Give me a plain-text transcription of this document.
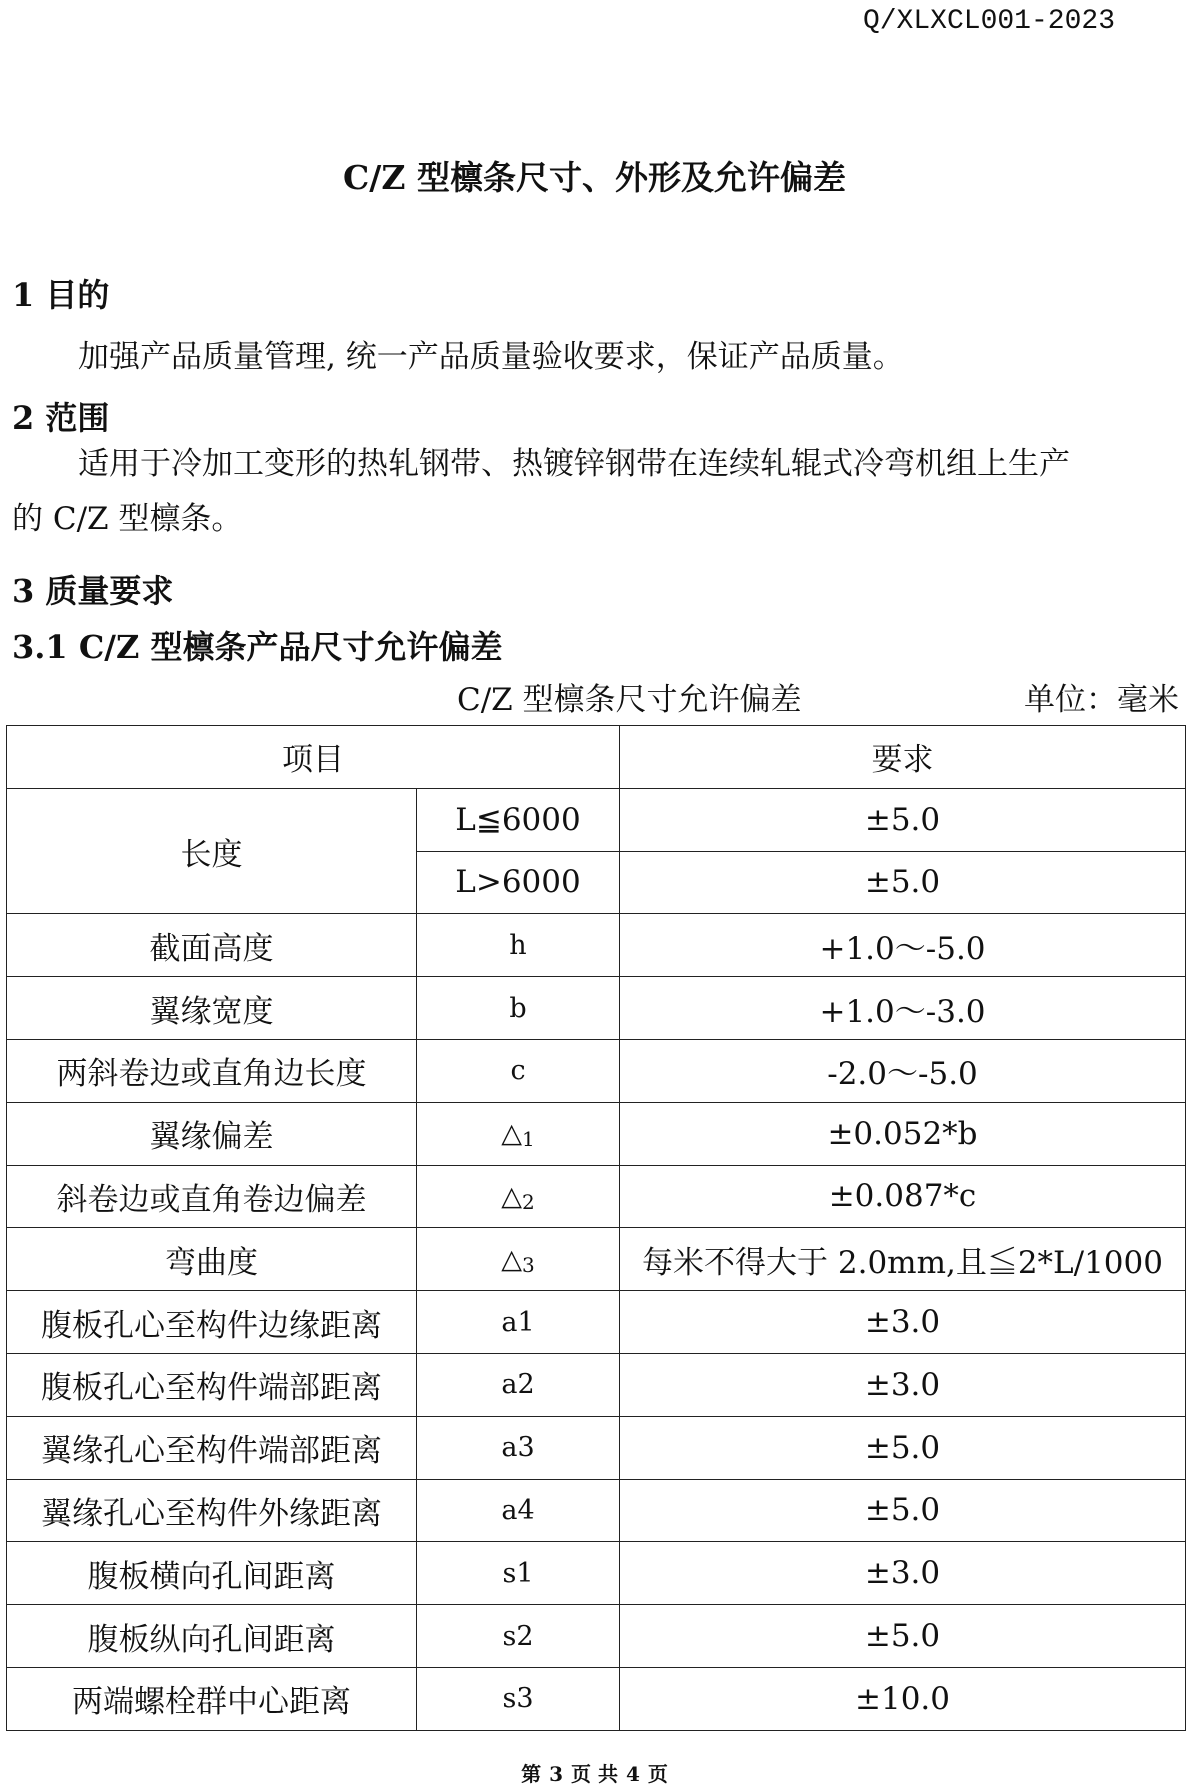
Q/XLXCL001-2023
C/Z 型檩条尺寸、外形及允许偏差
1 目的
加强产品质量管理, 统一产品质量验收要求，保证产品质量。
2 范围
适用于冷加工变形的热轧钢带、热镀锌钢带在连续轧辊式冷弯机组上生产
的 C/Z 型檩条。
3 质量要求
3.1 C/Z 型檩条产品尺寸允许偏差
C/Z 型檩条尺寸允许偏差	单位：毫米
项目		要求
长度	L≦6000	±5.0
	L>6000	±5.0
截面高度	h	+1.0～-5.0
翼缘宽度	b	+1.0～-3.0
两斜卷边或直角边长度	c	-2.0～-5.0
翼缘偏差	$\triangle_1$	±0.052*b
斜卷边或直角卷边偏差	$\triangle_2$	±0.087*c
弯曲度	$\triangle_3$	每米不得大于 2.0mm,且≦2*L/1000
腹板孔心至构件边缘距离	a1	±3.0
腹板孔心至构件端部距离	a2	±3.0
翼缘孔心至构件端部距离	a3	±5.0
翼缘孔心至构件外缘距离	a4	±5.0
腹板横向孔间距离	s1	±3.0
腹板纵向孔间距离	s2	±5.0
两端螺栓群中心距离	s3	±10.0
第 3 页 共 4 页
